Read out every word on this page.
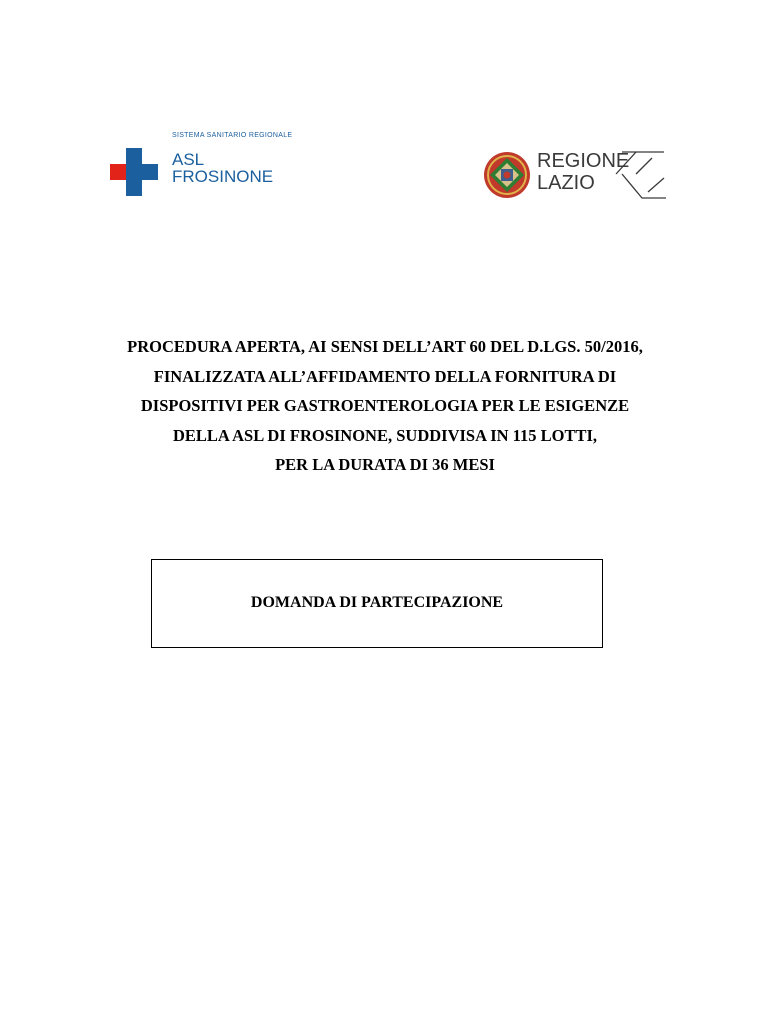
SISTEMA SANITARIO REGIONALE
ASL
FROSINONE
REGIONE
LAZIO
PROCEDURA APERTA, AI SENSI DELL’ART 60 DEL D.LGS. 50/2016,
FINALIZZATA ALL’AFFIDAMENTO DELLA FORNITURA DI
DISPOSITIVI PER GASTROENTEROLOGIA PER LE ESIGENZE
DELLA ASL DI FROSINONE, SUDDIVISA IN 115 LOTTI,
PER LA DURATA DI 36 MESI
DOMANDA DI PARTECIPAZIONE
